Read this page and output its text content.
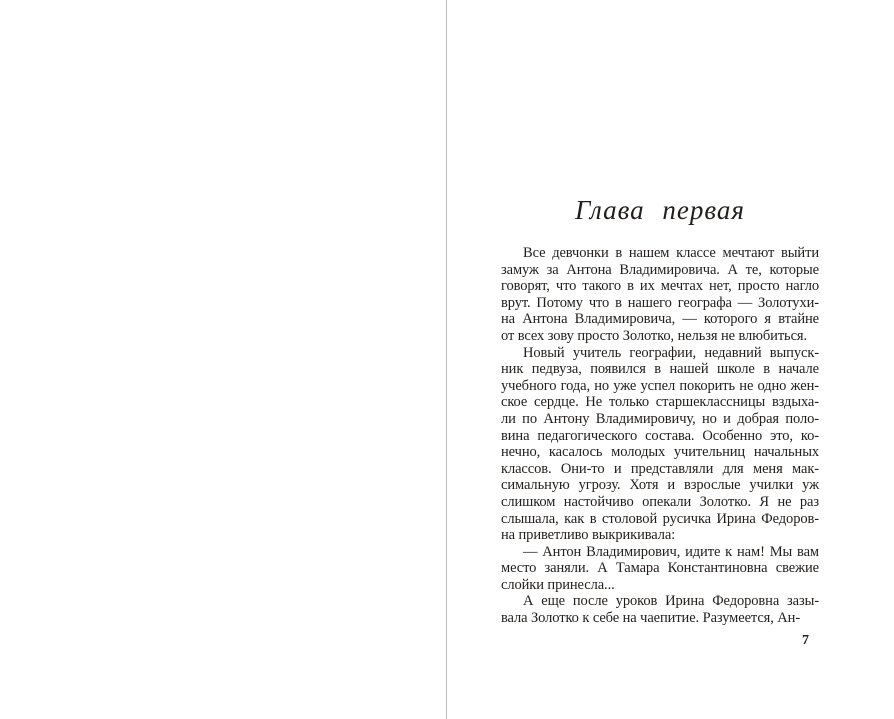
Глава первая
Все девчонки в нашем классе мечтают выйти
замуж за Антона Владимировича. А те, которые
говорят, что такого в их мечтах нет, просто нагло
врут. Потому что в нашего географа — Золотухи-
на Антона Владимировича, — которого я втайне
от всех зову просто Золотко, нельзя не влюбиться.
Новый учитель географии, недавний выпуск-
ник педвуза, появился в нашей школе в начале
учебного года, но уже успел покорить не одно жен-
ское сердце. Не только старшеклассницы вздыха-
ли по Антону Владимировичу, но и добрая поло-
вина педагогического состава. Особенно это, ко-
нечно, касалось молодых учительниц начальных
классов. Они-то и представляли для меня мак-
симальную угрозу. Хотя и взрослые училки уж
слишком настойчиво опекали Золотко. Я не раз
слышала, как в столовой русичка Ирина Федоров-
на приветливо выкрикивала:
— Антон Владимирович, идите к нам! Мы вам
место заняли. А Тамара Константиновна свежие
слойки принесла...
А еще после уроков Ирина Федоровна зазы-
вала Золотко к себе на чаепитие. Разумеется, Ан-
7
